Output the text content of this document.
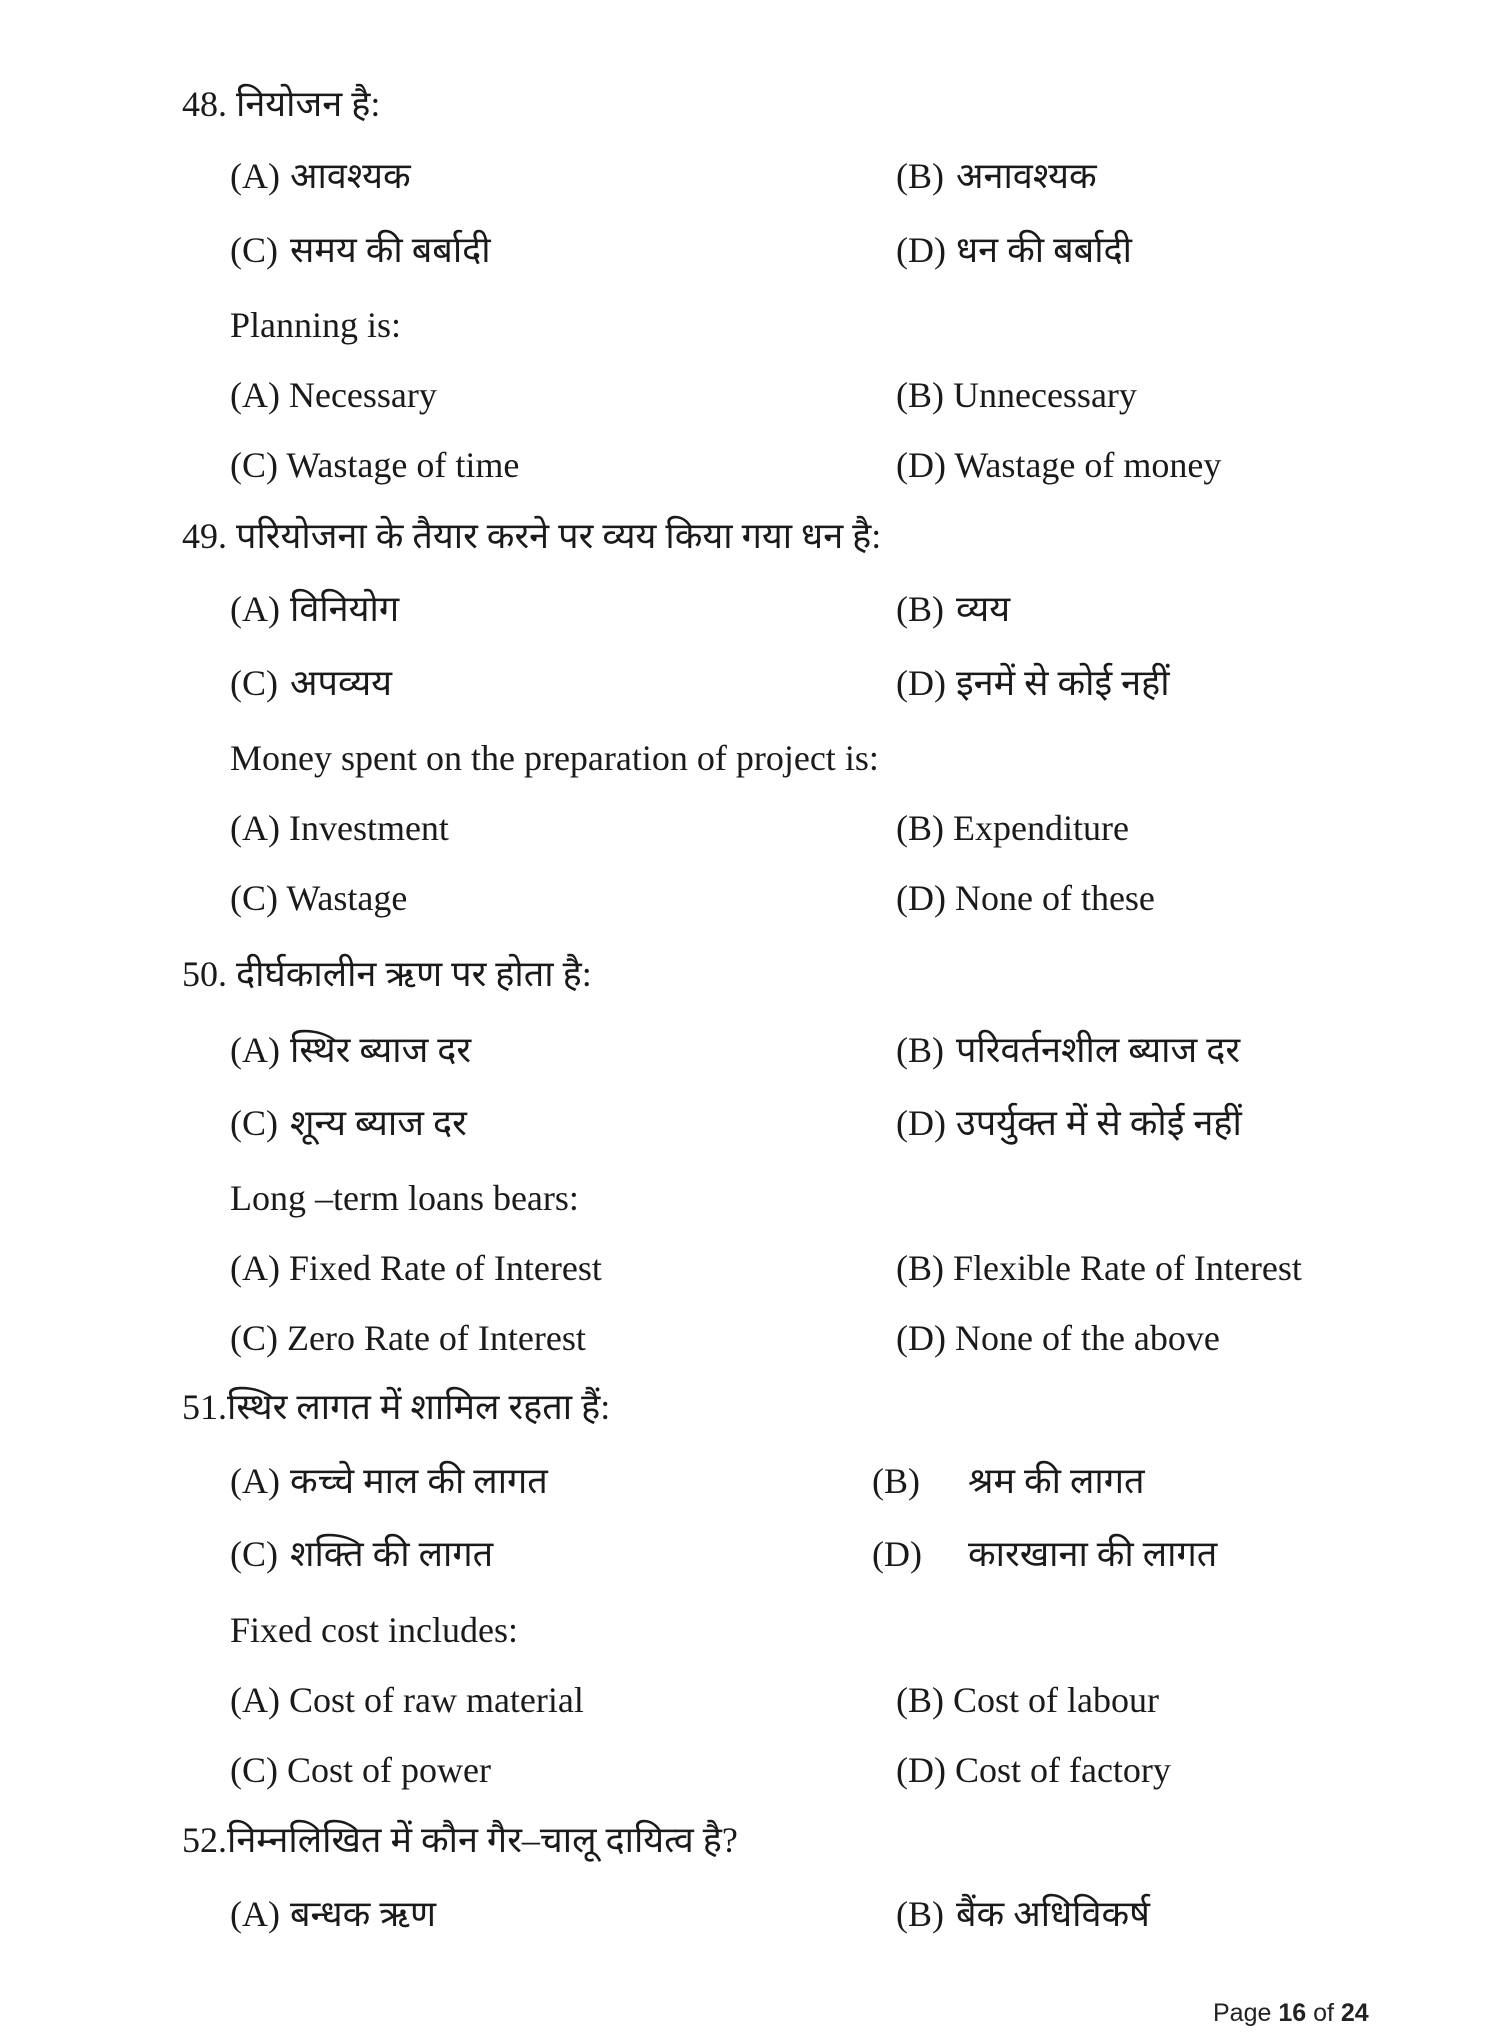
48. नियोजन है:
(A) आवश्यक	(B) अनावश्यक
(C) समय की बर्बादी	(D) धन की बर्बादी
Planning is:
(A) Necessary	(B) Unnecessary
(C) Wastage of time	(D) Wastage of money
49. परियोजना के तैयार करने पर व्यय किया गया धन है:
(A) विनियोग	(B) व्यय
(C) अपव्यय	(D) इनमें से कोई नहीं
Money spent on the preparation of project is:
(A) Investment	(B) Expenditure
(C) Wastage	(D) None of these
50. दीर्घकालीन ऋण पर होता है:
(A) स्थिर ब्याज दर	(B) परिवर्तनशील ब्याज दर
(C) शून्य ब्याज दर	(D) उपर्युक्त में से कोई नहीं
Long –term loans bears:
(A) Fixed Rate of Interest	(B) Flexible Rate of Interest
(C) Zero Rate of Interest	(D) None of the above
51.स्थिर लागत में शामिल रहता हैं:
(A) कच्चे माल की लागत	(B) श्रम की लागत
(C) शक्ति की लागत	(D) कारखाना की लागत
Fixed cost includes:
(A) Cost of raw material	(B) Cost of labour
(C) Cost of power	(D) Cost of factory
52.निम्नलिखित में कौन गैर–चालू दायित्व है?
(A) बन्धक ऋण	(B) बैंक अधिविकर्ष
Page 16 of 24
